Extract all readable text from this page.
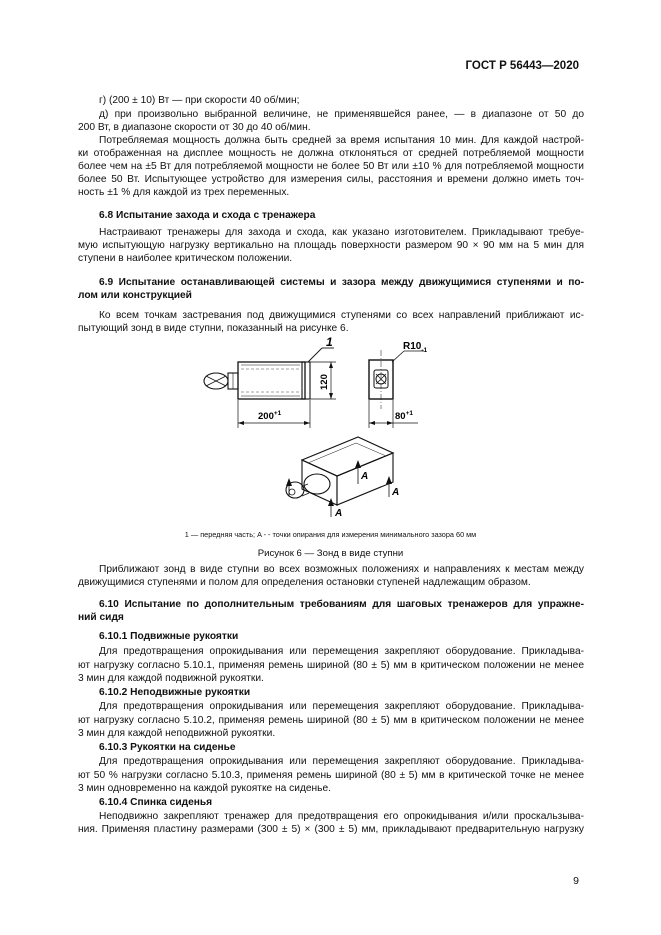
ГОСТ Р 56443—2020
г) (200 ± 10) Вт — при скорости 40 об/мин;
д) при произвольно выбранной величине, не применявшейся ранее, — в диапазоне от 50 до
200 Вт, в диапазоне скорости от 30 до 40 об/мин.
Потребляемая мощность должна быть средней за время испытания 10 мин. Для каждой настрой-
ки отображенная на дисплее мощность не должна отклоняться от средней потребляемой мощности
более чем на ±5 Вт для потребляемой мощности не более 50 Вт или ±10 % для потребляемой мощности
более 50 Вт. Испытующее устройство для измерения силы, расстояния и времени должно иметь точ-
ность ±1 % для каждой из трех переменных.
6.8 Испытание захода и схода с тренажера
Настраивают тренажеры для захода и схода, как указано изготовителем. Прикладывают требуе-
мую испытующую нагрузку вертикально на площадь поверхности размером 90 × 90 мм на 5 мин для
ступени в наиболее критическом положении.
6.9 Испытание останавливающей системы и зазора между движущимися ступенями и по-
лом или конструкцией
Ко всем точкам застревания под движущимися ступенями со всех направлений приближают ис-
пытующий зонд в виде ступни, показанный на рисунке 6.
Приближают зонд в виде ступни во всех возможных положениях и направлениях к местам между
движущимися ступенями и полом для определения остановки ступеней надлежащим образом.
6.10 Испытание по дополнительным требованиям для шаговых тренажеров для упражне-
ний сидя
6.10.1 Подвижные рукоятки
Для предотвращения опрокидывания или перемещения закрепляют оборудование. Прикладыва-
ют нагрузку согласно 5.10.1, применяя ремень шириной (80 ± 5) мм в критическом положении не менее
3 мин для каждой подвижной рукоятки.
6.10.2 Неподвижные рукоятки
Для предотвращения опрокидывания или перемещения закрепляют оборудование. Прикладыва-
ют нагрузку согласно 5.10.2, применяя ремень шириной (80 ± 5) мм в критическом положении не менее
3 мин для каждой неподвижной рукоятки.
6.10.3 Рукоятки на сиденье
Для предотвращения опрокидывания или перемещения закрепляют оборудование. Прикладыва-
ют 50 % нагрузки согласно 5.10.3, применяя ремень шириной (80 ± 5) мм в критической точке не менее
3 мин одновременно на каждой рукоятке на сиденье.
6.10.4 Спинка сиденья
Неподвижно закрепляют тренажер для предотвращения его опрокидывания и/или проскальзыва-
ния. Применяя пластину размерами (300 ± 5) × (300 ± 5) мм, прикладывают предварительную нагрузку
1
$200^{+1}$
120
$R10_{-1}$
$80^{+1}$
A
A
A
1 — передняя часть; A - - точки опирания для измерения минимального зазора 60 мм
Рисунок 6 — Зонд в виде ступни
9
